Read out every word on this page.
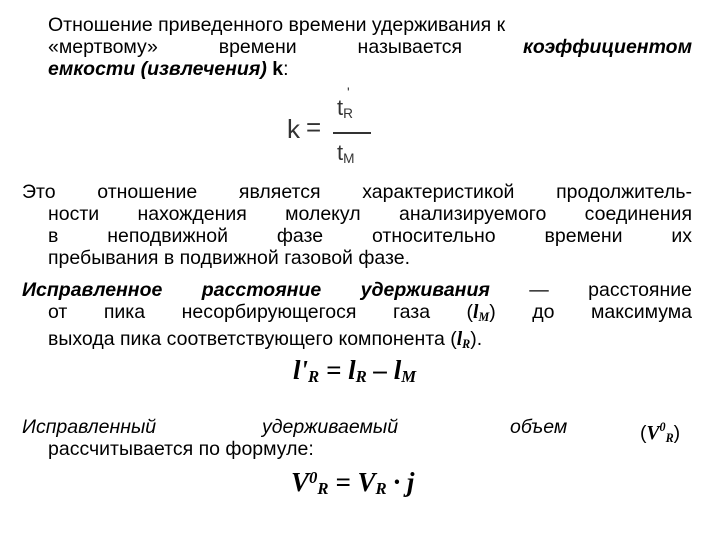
Отношение приведенного времени удерживания к
«мертвому» времени называется	коэффициентом
емкости (извлечения) k:
k =
'
$t_R$
$t_M$
Это отношение является характеристикой продолжитель-
ности нахождения молекул анализируемого соединения
в неподвижной фазе относительно времени их
пребывания в подвижной газовой фазе.
Исправленное расстояние удерживания — расстояние
от пика несорбирующегося газа $(l_M)$ до максимума
выхода пика соответствующего компонента $(l_R)$.
$l'_R = l_R - l_M$
Исправленный	удерживаемый	объем	$(V^0_R)$
рассчитывается по формуле:
$V^0_R = V_R \cdot j$
